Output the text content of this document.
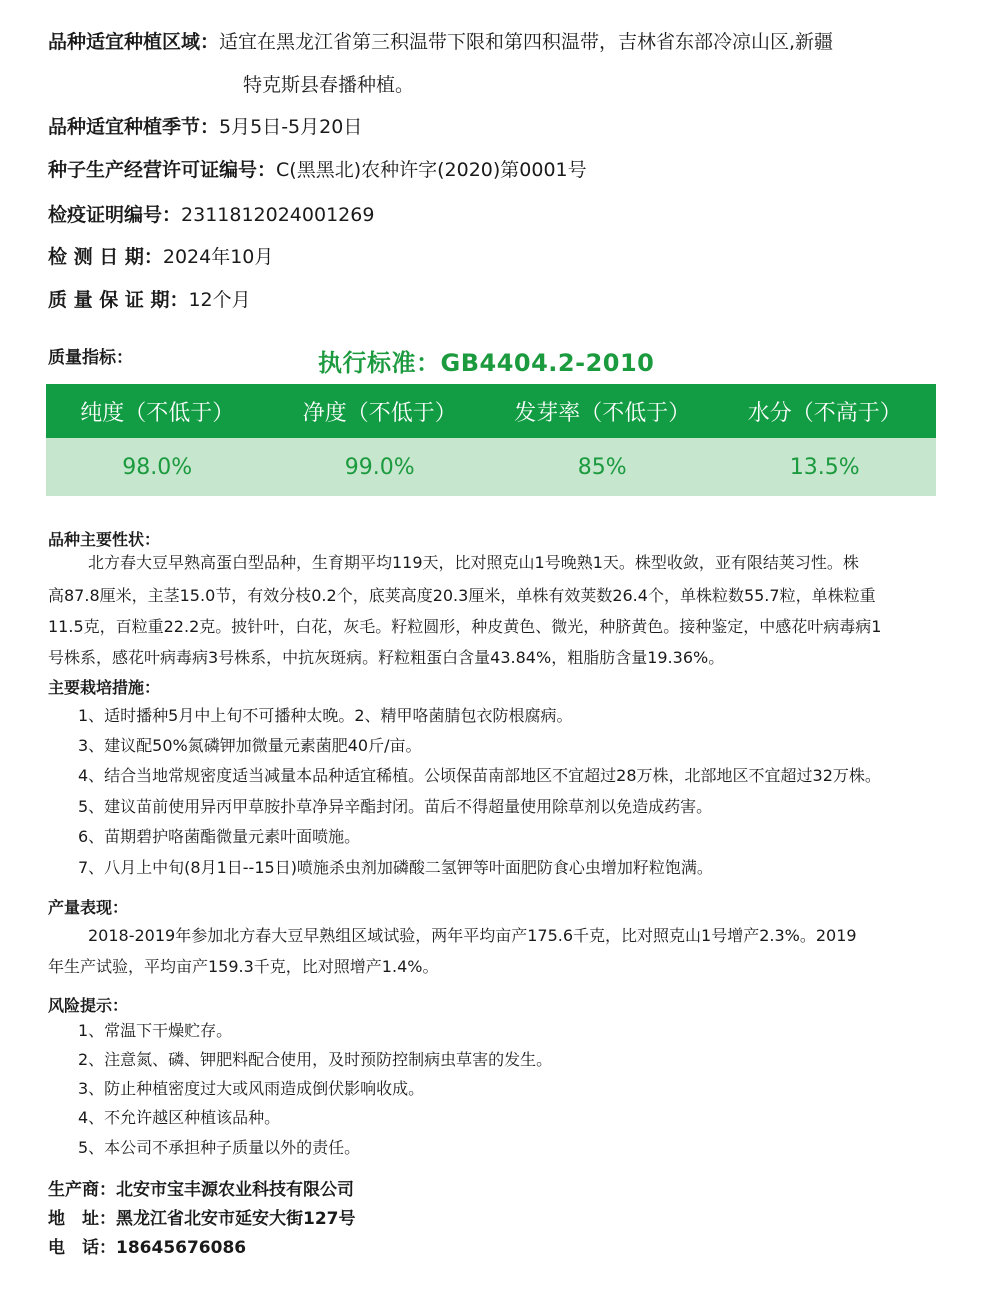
品种适宜种植区域：适宜在黑龙江省第三积温带下限和第四积温带，吉林省东部冷凉山区,新疆
特克斯县春播种植。
品种适宜种植季节：5月5日-5月20日
种子生产经营许可证编号：C(黑黑北)农种许字(2020)第0001号
检疫证明编号：2311812024001269
检 测 日 期：2024年10月
质 量 保 证 期：12个月
质量指标：	执行标准：GB4404.2-2010
纯度（不低于）	净度（不低于）	发芽率（不低于）	水分（不高于）
98.0%	99.0%	85%	13.5%
品种主要性状：
北方春大豆早熟高蛋白型品种，生育期平均119天，比对照克山1号晚熟1天。株型收敛，亚有限结荚习性。株
高87.8厘米，主茎15.0节，有效分枝0.2个，底荚高度20.3厘米，单株有效荚数26.4个，单株粒数55.7粒，单株粒重
11.5克，百粒重22.2克。披针叶，白花，灰毛。籽粒圆形，种皮黄色、微光，种脐黄色。接种鉴定，中感花叶病毒病1
号株系，感花叶病毒病3号株系，中抗灰斑病。籽粒粗蛋白含量43.84%，粗脂肪含量19.36%。
主要栽培措施：
1、适时播种5月中上旬不可播种太晚。2、精甲咯菌腈包衣防根腐病。
3、建议配50%氮磷钾加微量元素菌肥40斤/亩。
4、结合当地常规密度适当减量本品种适宜稀植。公顷保苗南部地区不宜超过28万株，北部地区不宜超过32万株。
5、建议苗前使用异丙甲草胺扑草净异辛酯封闭。苗后不得超量使用除草剂以免造成药害。
6、苗期碧护咯菌酯微量元素叶面喷施。
7、八月上中旬(8月1日--15日)喷施杀虫剂加磷酸二氢钾等叶面肥防食心虫增加籽粒饱满。
产量表现：
2018-2019年参加北方春大豆早熟组区域试验，两年平均亩产175.6千克，比对照克山1号增产2.3%。2019
年生产试验，平均亩产159.3千克，比对照增产1.4%。
风险提示：
1、常温下干燥贮存。
2、注意氮、磷、钾肥料配合使用，及时预防控制病虫草害的发生。
3、防止种植密度过大或风雨造成倒伏影响收成。
4、不允许越区种植该品种。
5、本公司不承担种子质量以外的责任。
生产商：北安市宝丰源农业科技有限公司
地　址：黑龙江省北安市延安大街127号
电　话：18645676086
